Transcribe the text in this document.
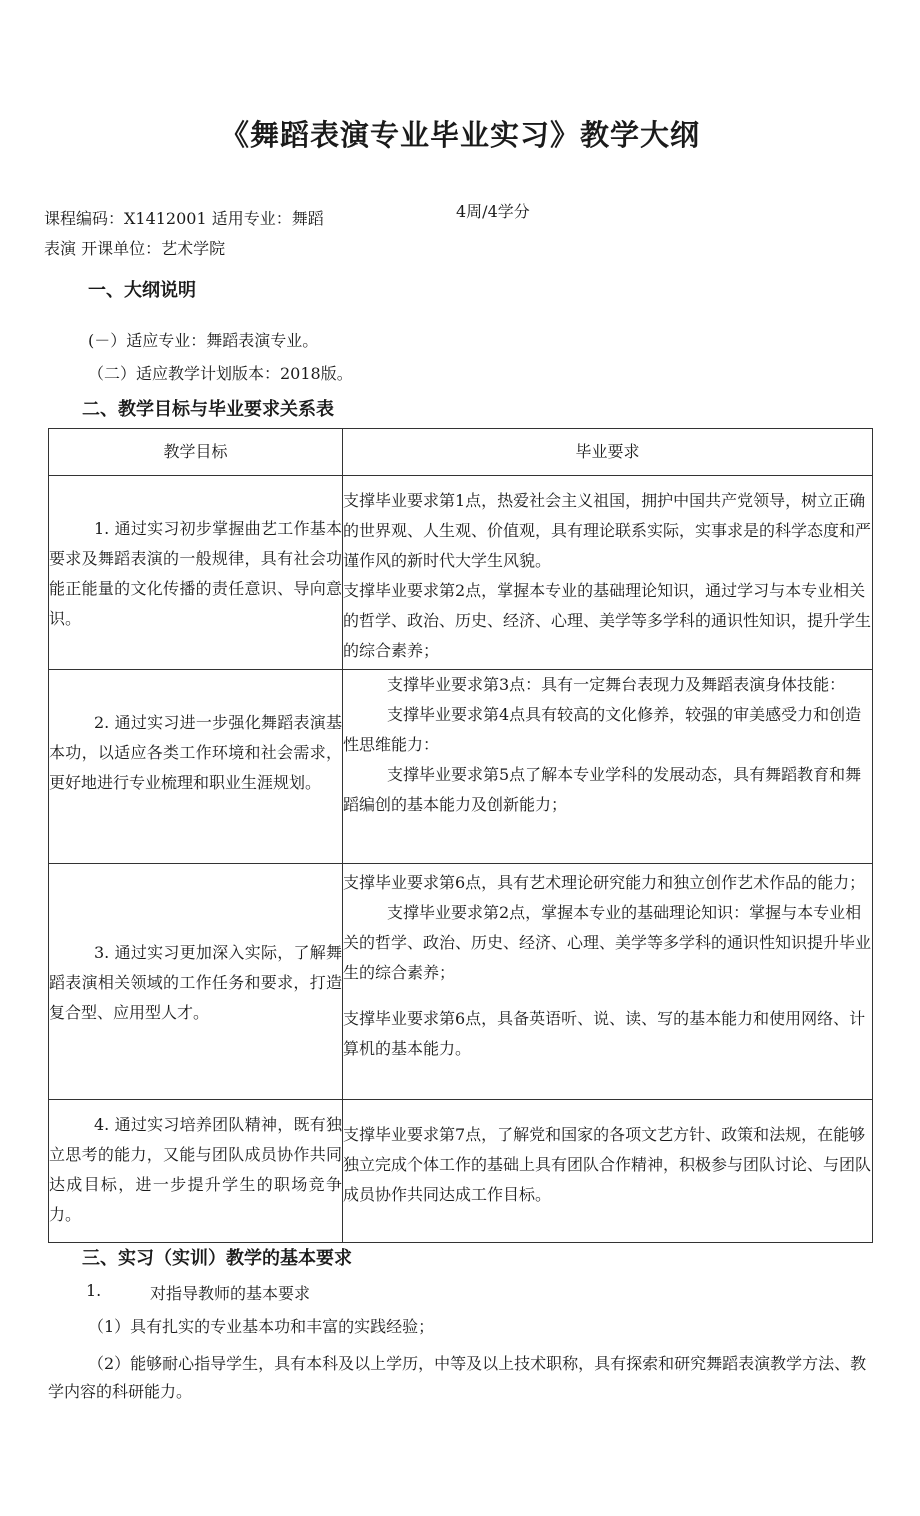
《舞蹈表演专业毕业实习》教学大纲
课程编码：X1412001 适用专业：舞蹈
表演 开课单位：艺术学院
4周/4学分
一、大纲说明
(－）适应专业：舞蹈表演专业。
（二）适应教学计划版本：2018版。
二、教学目标与毕业要求关系表
教学目标	毕业要求

1. 通过实习初步掌握曲艺工作基本要求及舞蹈表演的一般规律，具有社会功能正能量的文化传播的责任意识、导向意识。	支撑毕业要求第1点，热爱社会主义祖国，拥护中国共产党领导，树立正确的世界观、人生观、价值观，具有理论联系实际，实事求是的科学态度和严谨作风的新时代大学生风貌。

支撑毕业要求第2点，掌握本专业的基础理论知识，通过学习与本专业相关的哲学、政治、历史、经济、心理、美学等多学科的通识性知识，提升学生的综合素养；

2. 通过实习进一步强化舞蹈表演基本功，以适应各类工作环境和社会需求，更好地进行专业梳理和职业生涯规划。	支撑毕业要求第3点：具有一定舞台表现力及舞蹈表演身体技能：

支撑毕业要求第4点具有较高的文化修养，较强的审美感受力和创造性思维能力：

支撑毕业要求第5点了解本专业学科的发展动态，具有舞蹈教育和舞蹈编创的基本能力及创新能力；

3. 通过实习更加深入实际，了解舞蹈表演相关领域的工作任务和要求，打造复合型、应用型人才。	支撑毕业要求第6点，具有艺术理论研究能力和独立创作艺术作品的能力；

支撑毕业要求第2点，掌握本专业的基础理论知识：掌握与本专业相关的哲学、政治、历史、经济、心理、美学等多学科的通识性知识提升毕业生的综合素养；

支撑毕业要求第6点，具备英语听、说、读、写的基本能力和使用网络、计算机的基本能力。

4. 通过实习培养团队精神，既有独立思考的能力，又能与团队成员协作共同达成目标，进一步提升学生的职场竞争力。	支撑毕业要求第7点，了解党和国家的各项文艺方针、政策和法规，在能够独立完成个体工作的基础上具有团队合作精神，积极参与团队讨论、与团队成员协作共同达成工作目标。

三、实习（实训）教学的基本要求
1.	对指导教师的基本要求
（1）具有扎实的专业基本功和丰富的实践经验；
（2）能够耐心指导学生，具有本科及以上学历，中等及以上技术职称，具有探索和研究舞蹈表演教学方法、教学内容的科研能力。
